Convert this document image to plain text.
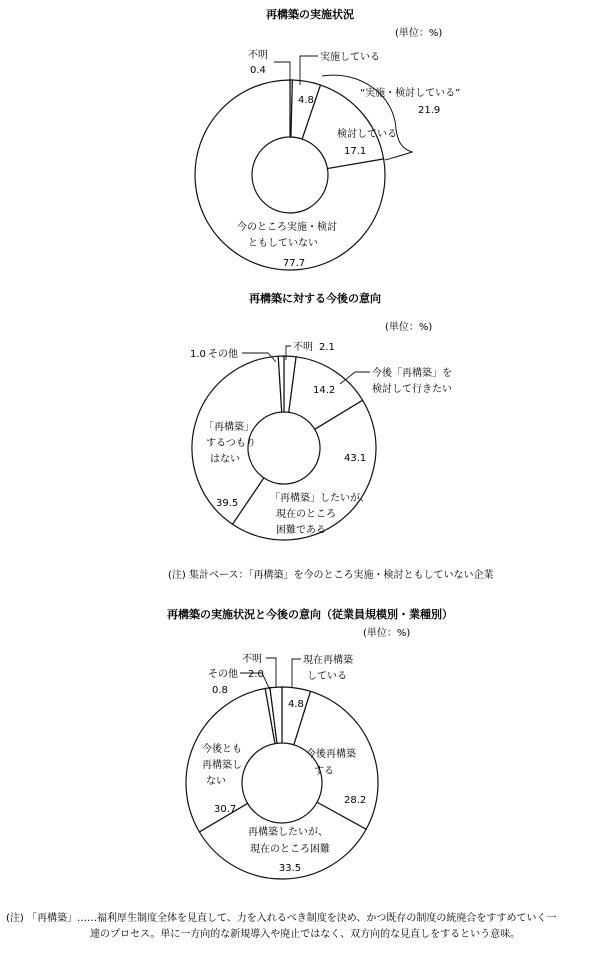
再構築の実施状況
(単位：%)
不明
0.4
実施している
4.8
“実施・検討している”
21.9
検討している
17.1
今のところ実施・検討
ともしていない
77.7
再構築に対する今後の意向
(単位：%)
不明 2.1
1.0 その他
今後「再構築」を
検討して行きたい
14.2
43.1
「再構築」したいが、
現在のところ
困難である
「再構築」
するつもり
はない
39.5
(注) 集計ベース：「再構築」を今のところ実施・検討ともしていない企業
再構築の実施状況と今後の意向（従業員規模別・業種別）
(単位：%)
不明
2.0
その他
0.8
現在再構築
している
4.8
今後再構築
する
28.2
今後とも
再構築し
ない
30.7
再構築したいが、
現在のところ困難
33.5
(注) 「再構築」……福利厚生制度全体を見直して、力を入れるべき制度を決め、かつ既存の制度の統廃合をすすめていく一
連のプロセス。単に一方向的な新規導入や廃止ではなく、双方向的な見直しをするという意味。
